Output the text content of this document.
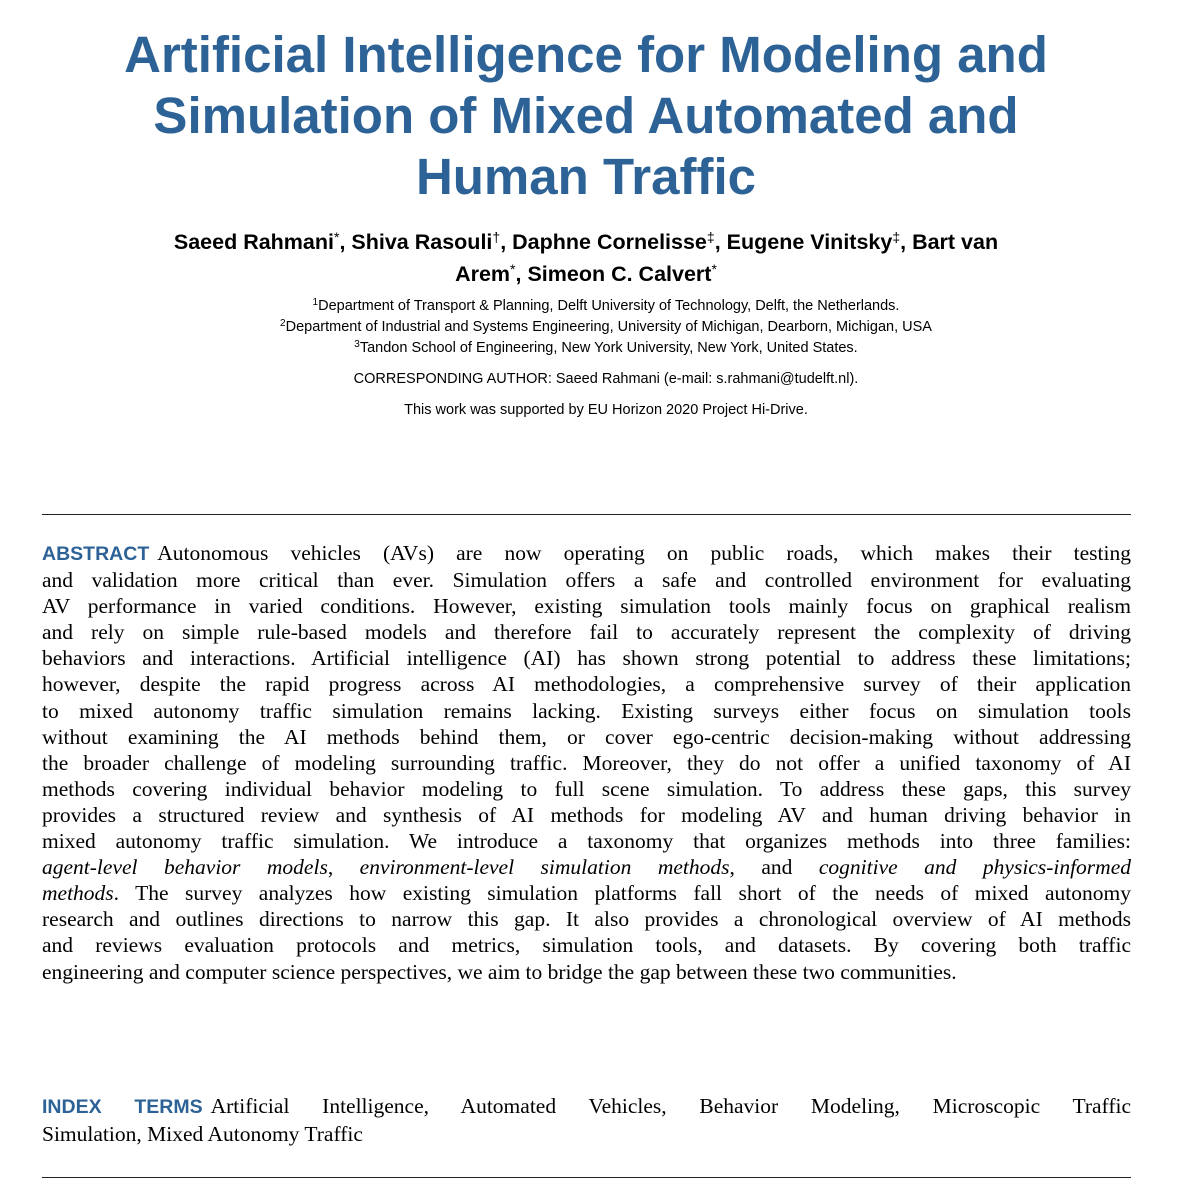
Artificial Intelligence for Modeling and
Simulation of Mixed Automated and
Human Traffic
Saeed Rahmani*, Shiva Rasouli†, Daphne Cornelisse‡, Eugene Vinitsky‡, Bart van
Arem*, Simeon C. Calvert*
$^1$Department of Transport & Planning, Delft University of Technology, Delft, the Netherlands.
$^2$Department of Industrial and Systems Engineering, University of Michigan, Dearborn, Michigan, USA
$^3$Tandon School of Engineering, New York University, New York, United States.
CORRESPONDING AUTHOR: Saeed Rahmani (e-mail: s.rahmani@tudelft.nl).
This work was supported by EU Horizon 2020 Project Hi-Drive.
ABSTRACT Autonomous vehicles (AVs) are now operating on public roads, which makes their testing
and validation more critical than ever. Simulation offers a safe and controlled environment for evaluating
AV performance in varied conditions. However, existing simulation tools mainly focus on graphical realism
and rely on simple rule-based models and therefore fail to accurately represent the complexity of driving
behaviors and interactions. Artificial intelligence (AI) has shown strong potential to address these limitations;
however, despite the rapid progress across AI methodologies, a comprehensive survey of their application
to mixed autonomy traffic simulation remains lacking. Existing surveys either focus on simulation tools
without examining the AI methods behind them, or cover ego-centric decision-making without addressing
the broader challenge of modeling surrounding traffic. Moreover, they do not offer a unified taxonomy of AI
methods covering individual behavior modeling to full scene simulation. To address these gaps, this survey
provides a structured review and synthesis of AI methods for modeling AV and human driving behavior in
mixed autonomy traffic simulation. We introduce a taxonomy that organizes methods into three families:
agent-level behavior models, environment-level simulation methods, and cognitive and physics-informed
methods. The survey analyzes how existing simulation platforms fall short of the needs of mixed autonomy
research and outlines directions to narrow this gap. It also provides a chronological overview of AI methods
and reviews evaluation protocols and metrics, simulation tools, and datasets. By covering both traffic
engineering and computer science perspectives, we aim to bridge the gap between these two communities.
INDEX TERMS Artificial Intelligence, Automated Vehicles, Behavior Modeling, Microscopic Traffic
Simulation, Mixed Autonomy Traffic
